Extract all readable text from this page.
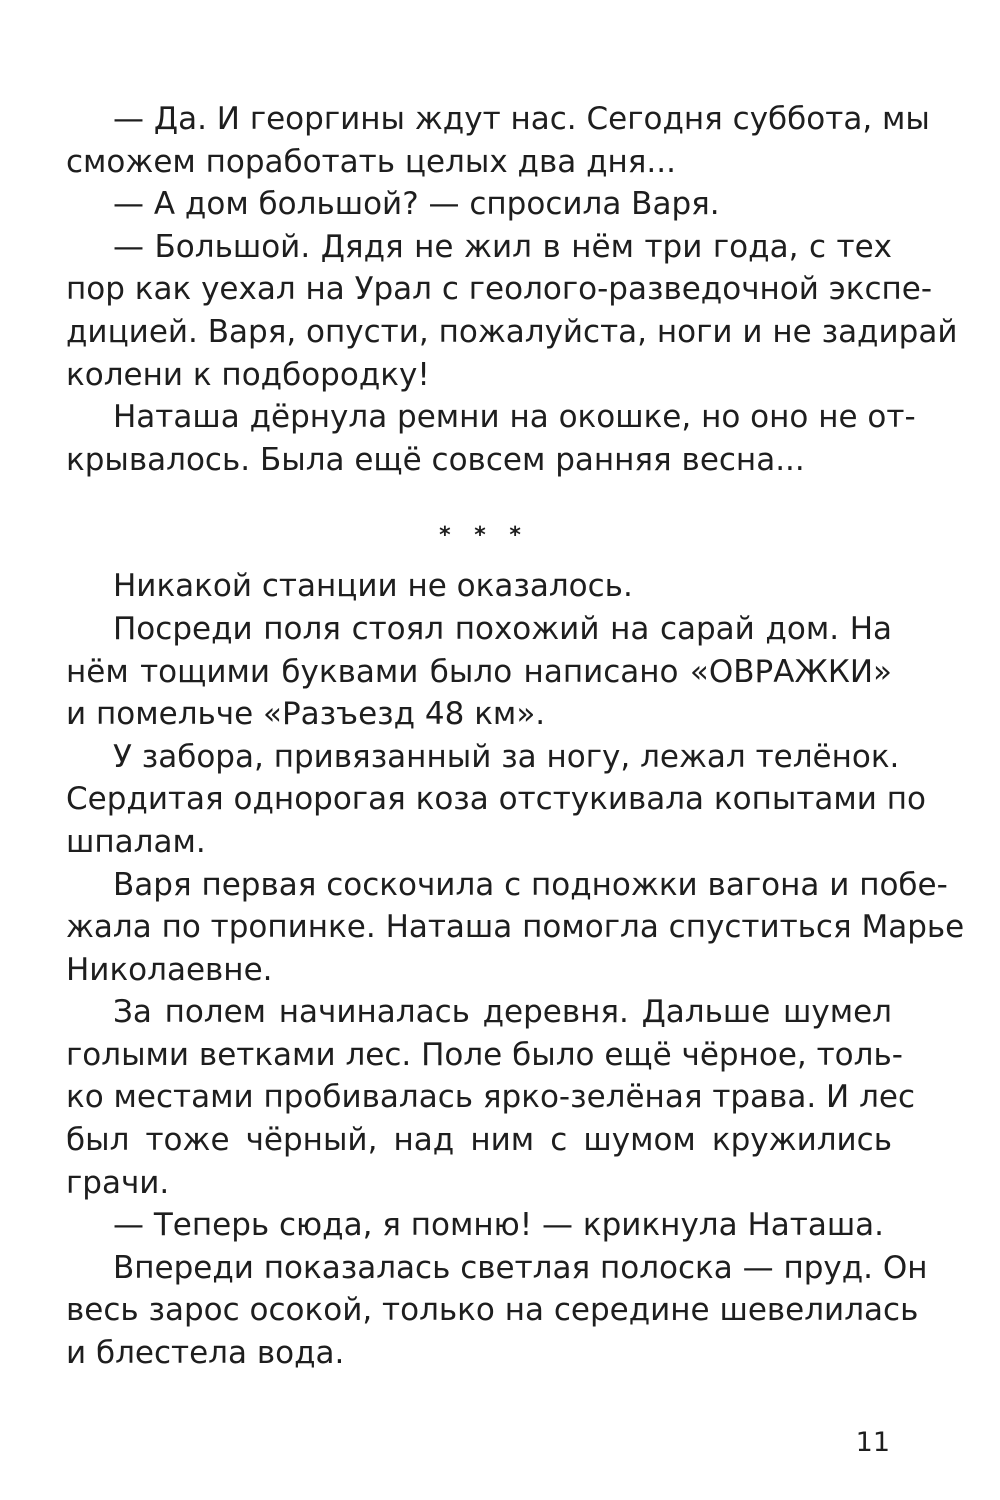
— Да. И георгины ждут нас. Сегодня суббота, мы
сможем поработать целых два дня...
— А дом большой? — спросила Варя.
— Большой. Дядя не жил в нём три года, с тех
пор как уехал на Урал с геолого-разведочной экспе-
дицией. Варя, опусти, пожалуйста, ноги и не задирай
колени к подбородку!
Наташа дёрнула ремни на окошке, но оно не от-
крывалось. Была ещё совсем ранняя весна...
* * *
Никакой станции не оказалось.
Посреди поля стоял похожий на сарай дом. На
нём тощими буквами было написано «ОВРАЖКИ»
и помельче «Разъезд 48 км».
У забора, привязанный за ногу, лежал телёнок.
Сердитая однорогая коза отстукивала копытами по
шпалам.
Варя первая соскочила с подножки вагона и побе-
жала по тропинке. Наташа помогла спуститься Марье
Николаевне.
За полем начиналась деревня. Дальше шумел
голыми ветками лес. Поле было ещё чёрное, толь-
ко местами пробивалась ярко-зелёная трава. И лес
был тоже чёрный, над ним с шумом кружились
грачи.
— Теперь сюда, я помню! — крикнула Наташа.
Впереди показалась светлая полоска — пруд. Он
весь зарос осокой, только на середине шевелилась
и блестела вода.
11
